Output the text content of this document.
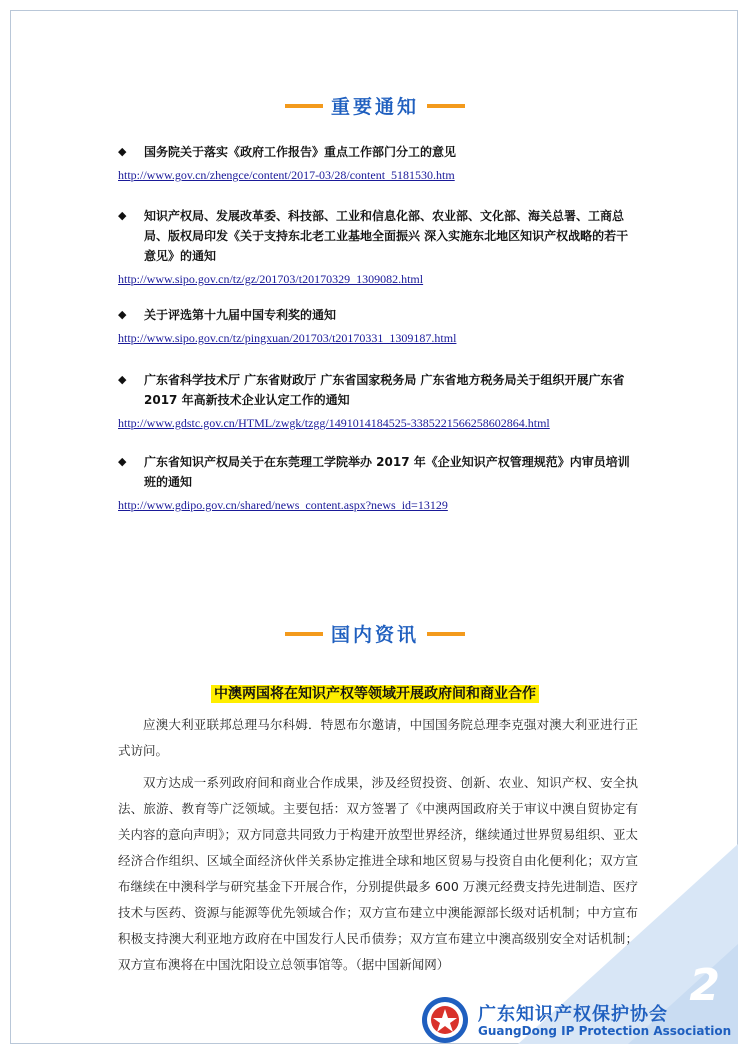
重要通知
◆ 国务院关于落实《政府工作报告》重点工作部门分工的意见
http://www.gov.cn/zhengce/content/2017-03/28/content_5181530.htm
◆ 知识产权局、发展改革委、科技部、工业和信息化部、农业部、文化部、海关总署、工商总局、版权局印发《关于支持东北老工业基地全面振兴 深入实施东北地区知识产权战略的若干意见》的通知
http://www.sipo.gov.cn/tz/gz/201703/t20170329_1309082.html
◆ 关于评选第十九届中国专利奖的通知
http://www.sipo.gov.cn/tz/pingxuan/201703/t20170331_1309187.html
◆ 广东省科学技术厅 广东省财政厅 广东省国家税务局 广东省地方税务局关于组织开展广东省 2017 年高新技术企业认定工作的通知
http://www.gdstc.gov.cn/HTML/zwgk/tzgg/1491014184525-3385221566258602864.html
◆ 广东省知识产权局关于在东莞理工学院举办 2017 年《企业知识产权管理规范》内审员培训班的通知
http://www.gdipo.gov.cn/shared/news_content.aspx?news_id=13129
国内资讯
中澳两国将在知识产权等领域开展政府间和商业合作
应澳大利亚联邦总理马尔科姆．特恩布尔邀请，中国国务院总理李克强对澳大利亚进行正式访问。
双方达成一系列政府间和商业合作成果，涉及经贸投资、创新、农业、知识产权、安全执法、旅游、教育等广泛领域。主要包括：双方签署了《中澳两国政府关于审议中澳自贸协定有关内容的意向声明》；双方同意共同致力于构建开放型世界经济，继续通过世界贸易组织、亚太经济合作组织、区域全面经济伙伴关系协定推进全球和地区贸易与投资自由化便利化；双方宣布继续在中澳科学与研究基金下开展合作，分别提供最多 600 万澳元经费支持先进制造、医疗技术与医药、资源与能源等优先领域合作；双方宣布建立中澳能源部长级对话机制；中方宣布积极支持澳大利亚地方政府在中国发行人民币债券；双方宣布建立中澳高级别安全对话机制；双方宣布澳将在中国沈阳设立总领事馆等。（据中国新闻网）	2
广东知识产权保护协会
GuangDong IP Protection Association
